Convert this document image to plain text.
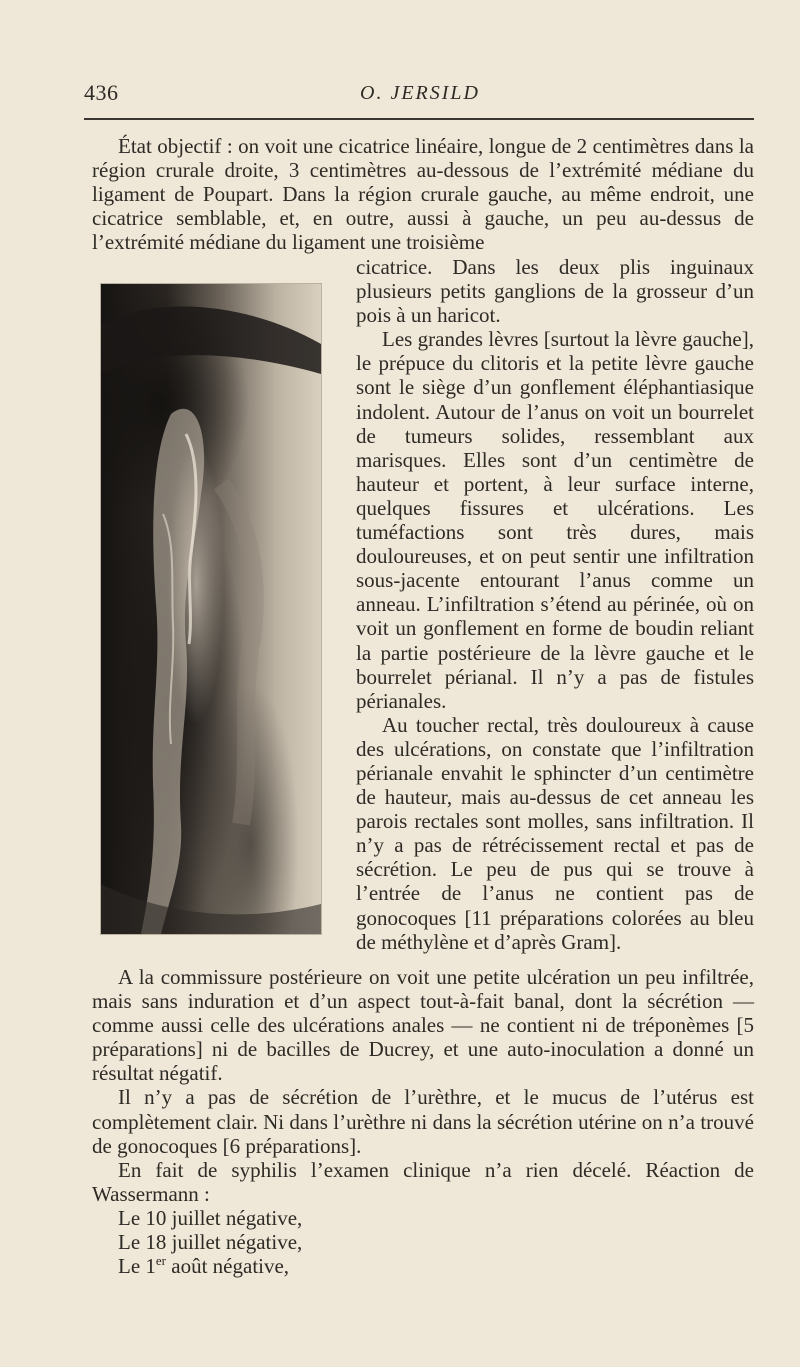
436	O. JERSILD
État objectif : on voit une cicatrice linéaire, longue de 2 centimètres dans la région crurale droite, 3 centimètres au-dessous de l’extrémité médiane du ligament de Poupart. Dans la région crurale gauche, au même endroit, une cicatrice semblable, et, en outre, aussi à gauche, un peu au-dessus de l’extrémité médiane du ligament une troisième

cicatrice. Dans les deux plis inguinaux plusieurs petits ganglions de la grosseur d’un pois à un haricot.

Les grandes lèvres [surtout la lèvre gauche], le prépuce du clitoris et la petite lèvre gauche sont le siège d’un gonflement éléphantiasique indolent. Autour de l’anus on voit un bourrelet de tumeurs solides, ressemblant aux marisques. Elles sont d’un centimètre de hauteur et portent, à leur surface interne, quelques fissures et ulcérations. Les tuméfactions sont très dures, mais douloureuses, et on peut sentir une infiltration sous-jacente entourant l’anus comme un anneau. L’infiltration s’étend au périnée, où on voit un gonflement en forme de boudin reliant la partie postérieure de la lèvre gauche et le bourrelet périanal. Il n’y a pas de fistules périanales.

Au toucher rectal, très douloureux à cause des ulcérations, on constate que l’infiltration périanale envahit le sphincter d’un centimètre de hauteur, mais au-dessus de cet anneau les parois rectales sont molles, sans infiltration. Il n’y a pas de rétrécissement rectal et pas de sécrétion. Le peu de pus qui se trouve à l’entrée de l’anus ne contient pas de gonocoques [11 préparations colorées au bleu de méthylène et d’après Gram].

A la commissure postérieure on voit une petite ulcération un peu infiltrée, mais sans induration et d’un aspect tout-à-fait banal, dont la sécrétion — comme aussi celle des ulcérations anales — ne contient ni de tréponèmes [5 préparations] ni de bacilles de Ducrey, et une auto-inoculation a donné un résultat négatif.

Il n’y a pas de sécrétion de l’urèthre, et le mucus de l’utérus est complètement clair. Ni dans l’urèthre ni dans la sécrétion utérine on n’a trouvé de gonocoques [6 préparations].

En fait de syphilis l’examen clinique n’a rien décelé. Réaction de Wassermann :

Le 10 juillet négative,

Le 18 juillet négative,

Le 1er août négative,
